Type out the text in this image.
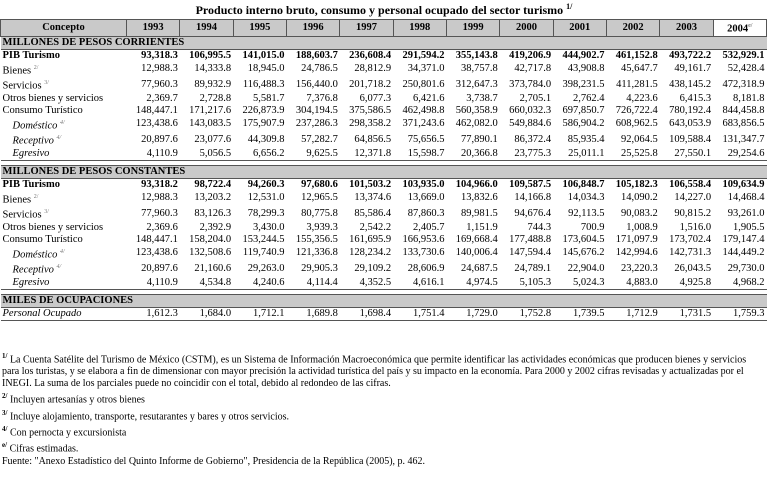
Producto interno bruto, consumo y personal ocupado del sector turismo $^{1/}$
Concepto	1993	1994	1995	1996	1997	1998	1999	2000	2001	2002	2003	$2004^{e/}$
MILLONES DE PESOS CORRIENTES												
PIB Turismo	93,318.3	106,995.5	141,015.0	188,603.7	236,608.4	291,594.2	355,143.8	419,206.9	444,902.7	461,152.8	493,722.2	532,929.1
Bienes $^{2/}$	12,988.3	14,333.8	18,945.0	24,786.5	28,812.9	34,371.0	38,757.8	42,717.8	43,908.8	45,647.7	49,161.7	52,428.4
Servicios $^{3/}$	77,960.3	89,932.9	116,488.3	156,440.0	201,718.2	250,801.6	312,647.3	373,784.0	398,231.5	411,281.5	438,145.2	472,318.9
Otros bienes y servicios	2,369.7	2,728.8	5,581.7	7,376.8	6,077.3	6,421.6	3,738.7	2,705.1	2,762.4	4,223.6	6,415.3	8,181.8
Consumo Turístico	148,447.1	171,217.6	226,873.9	304,194.5	375,586.5	462,498.8	560,358.9	660,032.3	697,850.7	726,722.4	780,192.4	844,458.8
Doméstico $^{4/}$	123,438.6	143,083.5	175,907.9	237,286.3	298,358.2	371,243.6	462,082.0	549,884.6	586,904.2	608,962.5	643,053.9	683,856.5
Receptivo $^{4/}$	20,897.6	23,077.6	44,309.8	57,282.7	64,856.5	75,656.5	77,890.1	86,372.4	85,935.4	92,064.5	109,588.4	131,347.7
Egresivo	4,110.9	5,056.5	6,656.2	9,625.5	12,371.8	15,598.7	20,366.8	23,775.3	25,011.1	25,525.8	27,550.1	29,254.6

MILLONES DE PESOS CONSTANTES												
PIB Turismo	93,318.2	98,722.4	94,260.3	97,680.6	101,503.2	103,935.0	104,966.0	109,587.5	106,848.7	105,182.3	106,558.4	109,634.9
Bienes $^{2/}$	12,988.3	13,203.2	12,531.0	12,965.5	13,374.6	13,669.0	13,832.6	14,166.8	14,034.3	14,090.2	14,227.0	14,468.4
Servicios $^{3/}$	77,960.3	83,126.3	78,299.3	80,775.8	85,586.4	87,860.3	89,981.5	94,676.4	92,113.5	90,083.2	90,815.2	93,261.0
Otros bienes y servicios	2,369.6	2,392.9	3,430.0	3,939.3	2,542.2	2,405.7	1,151.9	744.3	700.9	1,008.9	1,516.0	1,905.5
Consumo Turístico	148,447.1	158,204.0	153,244.5	155,356.5	161,695.9	166,953.6	169,668.4	177,488.8	173,604.5	171,097.9	173,702.4	179,147.4
Doméstico $^{4/}$	123,438.6	132,508.6	119,740.9	121,336.8	128,234.2	133,730.6	140,006.4	147,594.4	145,676.2	142,994.6	142,731.3	144,449.2
Receptivo $^{4/}$	20,897.6	21,160.6	29,263.0	29,905.3	29,109.2	28,606.9	24,687.5	24,789.1	22,904.0	23,220.3	26,043.5	29,730.0
Egresivo	4,110.9	4,534.8	4,240.6	4,114.4	4,352.5	4,616.1	4,974.5	5,105.3	5,024.3	4,883.0	4,925.8	4,968.2

MILES DE OCUPACIONES												
Personal Ocupado	1,612.3	1,684.0	1,712.1	1,689.8	1,698.4	1,751.4	1,729.0	1,752.8	1,739.5	1,712.9	1,731.5	1,759.3

$^{1/}$ La Cuenta Satélite del Turismo de México (CSTM), es un Sistema de Información Macroeconómica que permite identificar las actividades económicas que producen bienes y servicios para los turistas, y se elabora a fin de dimensionar con mayor precisión la actividad turística del país y su impacto en la economía. Para 2000 y 2002 cifras revisadas y actualizadas por el INEGI. La suma de los parciales puede no coincidir con el total, debido al redondeo de las cifras.

$^{2/}$ Incluyen artesanías y otros bienes

$^{3/}$ Incluye alojamiento, transporte, resutarantes y bares y otros servicios.

$^{4/}$ Con pernocta y excursionista

$^{e/}$ Cifras estimadas.

Fuente: "Anexo Estadístico del Quinto Informe de Gobierno", Presidencia de la República (2005), p. 462.
